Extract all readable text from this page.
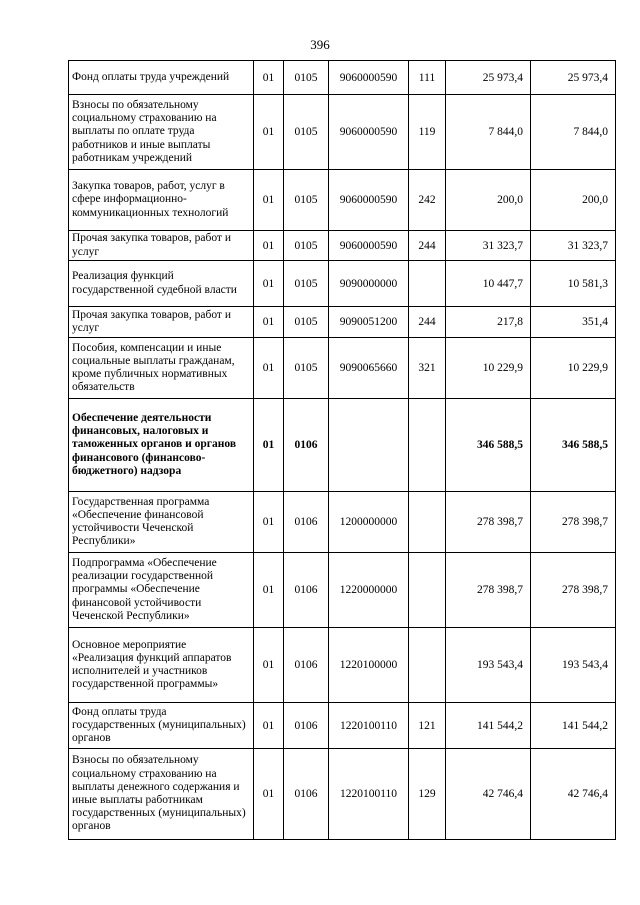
396
Фонд оплаты труда учреждений	01	0105	9060000590	111	25 973,4	25 973,4
Взносы по обязательному социальному страхованию на выплаты по оплате труда работников и иные выплаты работникам учреждений	01	0105	9060000590	119	7 844,0	7 844,0
Закупка товаров, работ, услуг в сфере информационно-коммуникационных технологий	01	0105	9060000590	242	200,0	200,0
Прочая закупка товаров, работ и услуг	01	0105	9060000590	244	31 323,7	31 323,7
Реализация функций государственной судебной власти	01	0105	9090000000		10 447,7	10 581,3
Прочая закупка товаров, работ и услуг	01	0105	9090051200	244	217,8	351,4
Пособия, компенсации и иные социальные выплаты гражданам, кроме публичных нормативных обязательств	01	0105	9090065660	321	10 229,9	10 229,9
Обеспечение деятельности финансовых, налоговых и таможенных органов и органов финансового (финансово-бюджетного) надзора	01	0106			346 588,5	346 588,5
Государственная программа «Обеспечение финансовой устойчивости Чеченской Республики»	01	0106	1200000000		278 398,7	278 398,7
Подпрограмма «Обеспечение реализации государственной программы «Обеспечение финансовой устойчивости Чеченской Республики»	01	0106	1220000000		278 398,7	278 398,7
Основное мероприятие «Реализация функций аппаратов исполнителей и участников государственной программы»	01	0106	1220100000		193 543,4	193 543,4
Фонд оплаты труда государственных (муниципальных) органов	01	0106	1220100110	121	141 544,2	141 544,2
Взносы по обязательному социальному страхованию на выплаты денежного содержания и иные выплаты работникам государственных (муниципальных) органов	01	0106	1220100110	129	42 746,4	42 746,4
